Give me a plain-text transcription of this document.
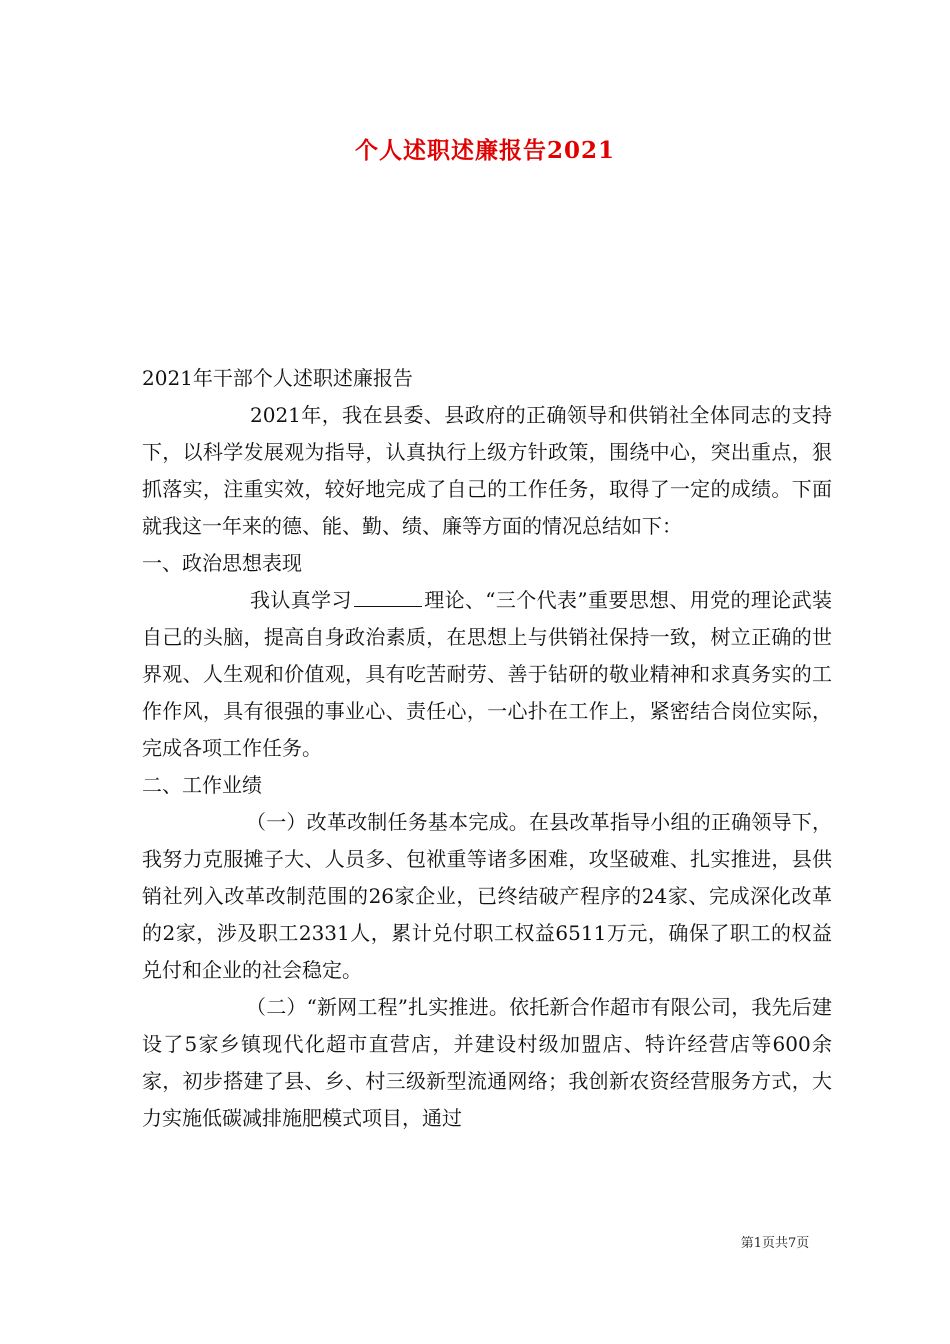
个人述职述廉报告2021

2021年干部个人述职述廉报告

2021年，我在县委、县政府的正确领导和供销社全体同志的支持下，以科学发展观为指导，认真执行上级方针政策，围绕中心，突出重点，狠抓落实，注重实效，较好地完成了自己的工作任务，取得了一定的成绩。下面就我这一年来的德、能、勤、绩、廉等方面的情况总结如下：

一、政治思想表现

我认真学习	理论、“三个代表”重要思想、用党的理论武装自己的头脑，提高自身政治素质，在思想上与供销社保持一致，树立正确的世界观、人生观和价值观，具有吃苦耐劳、善于钻研的敬业精神和求真务实的工作作风，具有很强的事业心、责任心，一心扑在工作上，紧密结合岗位实际，完成各项工作任务。

二、工作业绩

（一）改革改制任务基本完成。在县改革指导小组的正确领导下，我努力克服摊子大、人员多、包袱重等诸多困难，攻坚破难、扎实推进，县供销社列入改革改制范围的26家企业，已终结破产程序的24家、完成深化改革的2家，涉及职工2331人，累计兑付职工权益6511万元，确保了职工的权益兑付和企业的社会稳定。

（二）“新网工程”扎实推进。依托新合作超市有限公司，我先后建设了5家乡镇现代化超市直营店，并建设村级加盟店、特许经营店等600余家，初步搭建了县、乡、村三级新型流通网络；我创新农资经营服务方式，大力实施低碳减排施肥模式项目，通过

第1页共7页
